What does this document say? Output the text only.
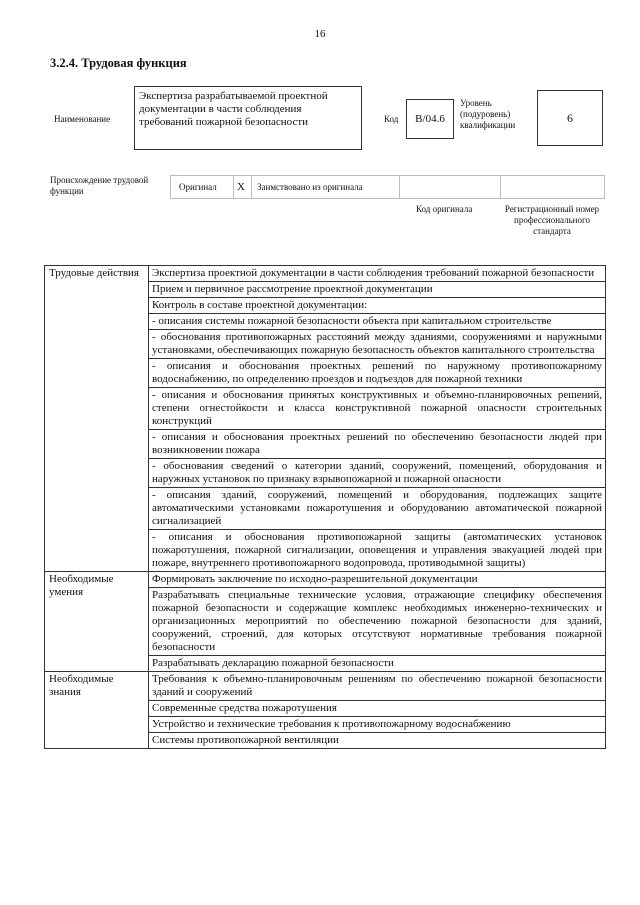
16
3.2.4. Трудовая функция
Наименование
Экспертиза разрабатываемой проектной документации в части соблюдения требований пожарной безопасности	Код	B/04.6
Уровень (подуровень) квалификации
6
Происхождение трудовой функции	Оригинал X Заимствовано из оригинала
Код оригинала	Регистрационный номер профессионального стандарта
Трудовые действия	Экспертиза проектной документации в части соблюдения требований пожарной безопасности
	Прием и первичное рассмотрение проектной документации
	Контроль в составе проектной документации:
	- описания системы пожарной безопасности объекта при капитальном строительстве
	- обоснования противопожарных расстояний между зданиями, сооружениями и наружными установками, обеспечивающих пожарную безопасность объектов капитального строительства
	- описания и обоснования проектных решений по наружному противопожарному водоснабжению, по определению проездов и подъездов для пожарной техники
	- описания и обоснования принятых конструктивных и объемно-планировочных решений, степени огнестойкости и класса конструктивной пожарной опасности строительных конструкций
	- описания и обоснования проектных решений по обеспечению безопасности людей при возникновении пожара
	- обоснования сведений о категории зданий, сооружений, помещений, оборудования и наружных установок по признаку взрывопожарной и пожарной опасности
	- описания зданий, сооружений, помещений и оборудования, подлежащих защите автоматическими установками пожаротушения и оборудованию автоматической пожарной сигнализацией
	- описания и обоснования противопожарной защиты (автоматических установок пожаротушения, пожарной сигнализации, оповещения и управления эвакуацией людей при пожаре, внутреннего противопожарного водопровода, противодымной защиты)
Необходимые умения	Формировать заключение по исходно-разрешительной документации
	Разрабатывать специальные технические условия, отражающие специфику обеспечения пожарной безопасности и содержащие комплекс необходимых инженерно-технических и организационных мероприятий по обеспечению пожарной безопасности для зданий, сооружений, строений, для которых отсутствуют нормативные требования пожарной безопасности
	Разрабатывать декларацию пожарной безопасности
Необходимые знания	Требования к объемно-планировочным решениям по обеспечению пожарной безопасности зданий и сооружений
	Современные средства пожаротушения
	Устройство и технические требования к противопожарному водоснабжению
	Системы противопожарной вентиляции
